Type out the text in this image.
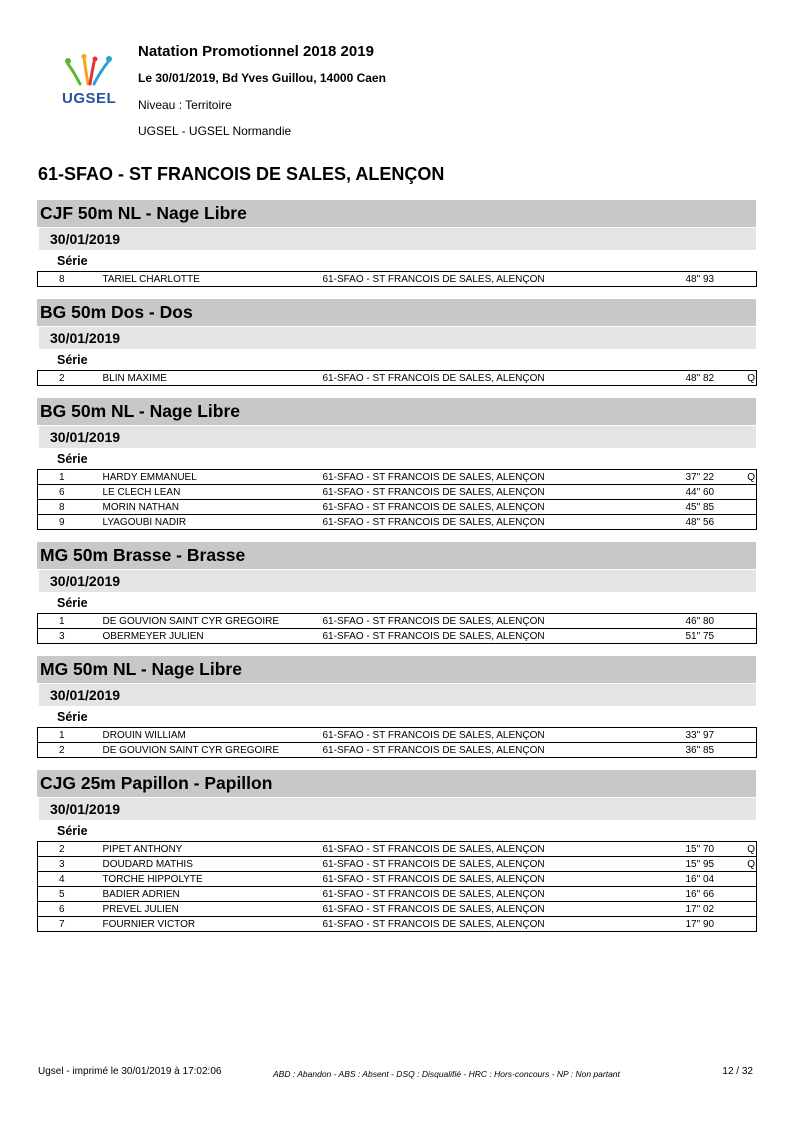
UGSEL
Natation Promotionnel 2018 2019
Le 30/01/2019, Bd Yves Guillou, 14000 Caen
Niveau : Territoire
UGSEL - UGSEL Normandie
61-SFAO - ST FRANCOIS DE SALES, ALENÇON
CJF 50m NL - Nage Libre
30/01/2019
Série
8	TARIEL CHARLOTTE	61-SFAO - ST FRANCOIS DE SALES, ALENÇON	48" 93	
BG 50m Dos - Dos
30/01/2019
Série
2	BLIN MAXIME	61-SFAO - ST FRANCOIS DE SALES, ALENÇON	48" 82	Q
BG 50m NL - Nage Libre
30/01/2019
Série
1	HARDY EMMANUEL	61-SFAO - ST FRANCOIS DE SALES, ALENÇON	37" 22	Q
6	LE CLECH LEAN	61-SFAO - ST FRANCOIS DE SALES, ALENÇON	44" 60	
8	MORIN NATHAN	61-SFAO - ST FRANCOIS DE SALES, ALENÇON	45" 85	
9	LYAGOUBI NADIR	61-SFAO - ST FRANCOIS DE SALES, ALENÇON	48" 56	
MG 50m Brasse - Brasse
30/01/2019
Série
1	DE GOUVION SAINT CYR GREGOIRE	61-SFAO - ST FRANCOIS DE SALES, ALENÇON	46" 80	
3	OBERMEYER JULIEN	61-SFAO - ST FRANCOIS DE SALES, ALENÇON	51" 75	
MG 50m NL - Nage Libre
30/01/2019
Série
1	DROUIN WILLIAM	61-SFAO - ST FRANCOIS DE SALES, ALENÇON	33" 97	
2	DE GOUVION SAINT CYR GREGOIRE	61-SFAO - ST FRANCOIS DE SALES, ALENÇON	36" 85	
CJG 25m Papillon - Papillon
30/01/2019
Série
2	PIPET ANTHONY	61-SFAO - ST FRANCOIS DE SALES, ALENÇON	15" 70	Q
3	DOUDARD MATHIS	61-SFAO - ST FRANCOIS DE SALES, ALENÇON	15" 95	Q
4	TORCHE HIPPOLYTE	61-SFAO - ST FRANCOIS DE SALES, ALENÇON	16" 04	
5	BADIER ADRIEN	61-SFAO - ST FRANCOIS DE SALES, ALENÇON	16" 66	
6	PREVEL JULIEN	61-SFAO - ST FRANCOIS DE SALES, ALENÇON	17" 02	
7	FOURNIER VICTOR	61-SFAO - ST FRANCOIS DE SALES, ALENÇON	17" 90	
Ugsel - imprimé le 30/01/2019 à 17:02:06	ABD : Abandon - ABS : Absent - DSQ : Disqualifié - HRC : Hors-concours - NP : Non partant	12 / 32
